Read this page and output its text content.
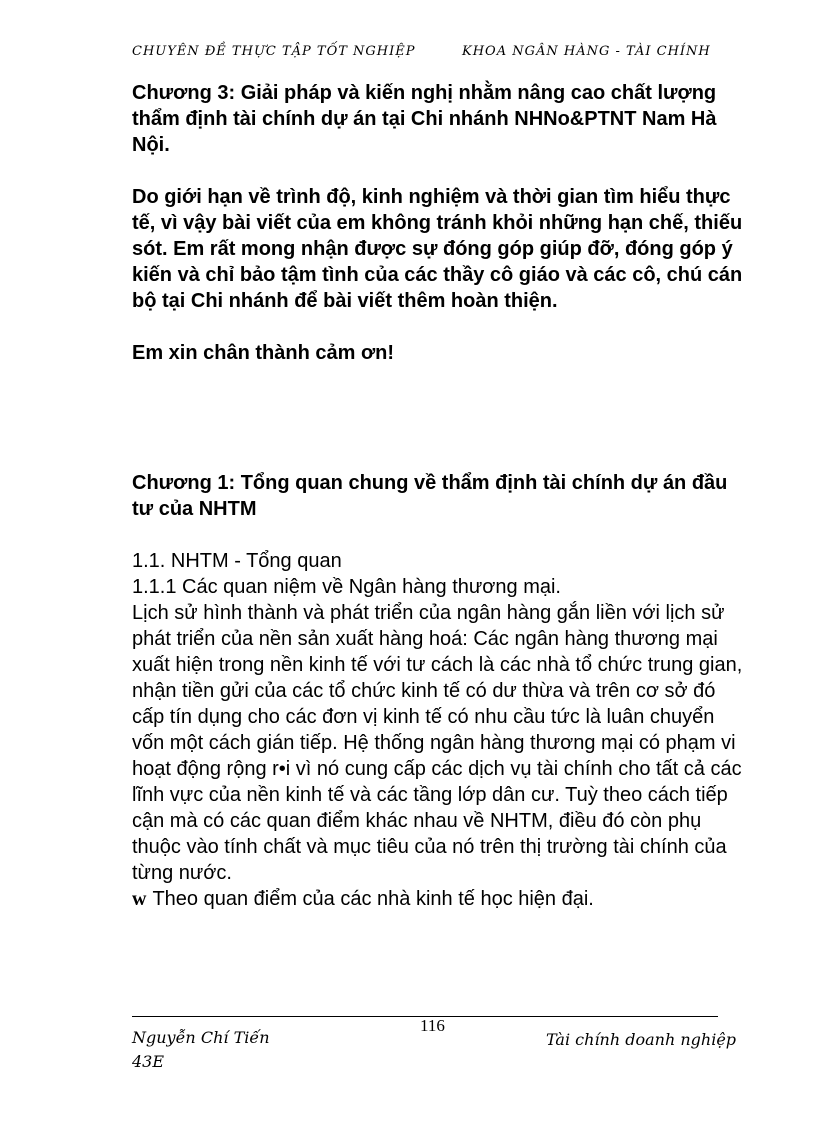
CHUYÊN ĐỀ THỰC TẬP TỐT NGHIỆP	KHOA NGÂN HÀNG - TÀI CHÍNH

Chương 3: Giải pháp và kiến nghị nhằm nâng cao chất lượng thẩm định tài chính dự án tại Chi nhánh NHNo&PTNT Nam Hà Nội.

Do giới hạn về trình độ, kinh nghiệm và thời gian tìm hiểu thực tế, vì vậy bài viết của em không tránh khỏi những hạn chế, thiếu sót. Em rất mong nhận được sự đóng góp giúp đỡ, đóng góp ý kiến và chỉ bảo tậm tình của các thầy cô giáo và các cô, chú cán bộ tại Chi nhánh để bài viết thêm hoàn thiện.

Em xin chân thành cảm ơn!

Chương 1: Tổng quan chung về thẩm định tài chính dự án đầu tư của NHTM

1.1. NHTM - Tổng quan

1.1.1 Các quan niệm về Ngân hàng thương mại.

Lịch sử hình thành và phát triển của ngân hàng gắn liền với lịch sử phát triển của nền sản xuất hàng hoá: Các ngân hàng thương mại xuất hiện trong nền kinh tế với tư cách là các nhà tổ chức trung gian, nhận tiền gửi của các tổ chức kinh tế có dư thừa và trên cơ sở đó cấp tín dụng cho các đơn vị kinh tế có nhu cầu tức là luân chuyển vốn một cách gián tiếp. Hệ thống ngân hàng thương mại có phạm vi hoạt động rộng r•i vì nó cung cấp các dịch vụ tài chính cho tất cả các lĩnh vực của nền kinh tế và các tầng lớp dân cư. Tuỳ theo cách tiếp cận mà có các quan điểm khác nhau về NHTM, điều đó còn phụ thuộc vào tính chất và mục tiêu của nó trên thị trường tài chính của từng nước.

w Theo quan điểm của các nhà kinh tế học hiện đại.

116
Nguyễn Chí Tiến
43E
Tài chính doanh nghiệp
